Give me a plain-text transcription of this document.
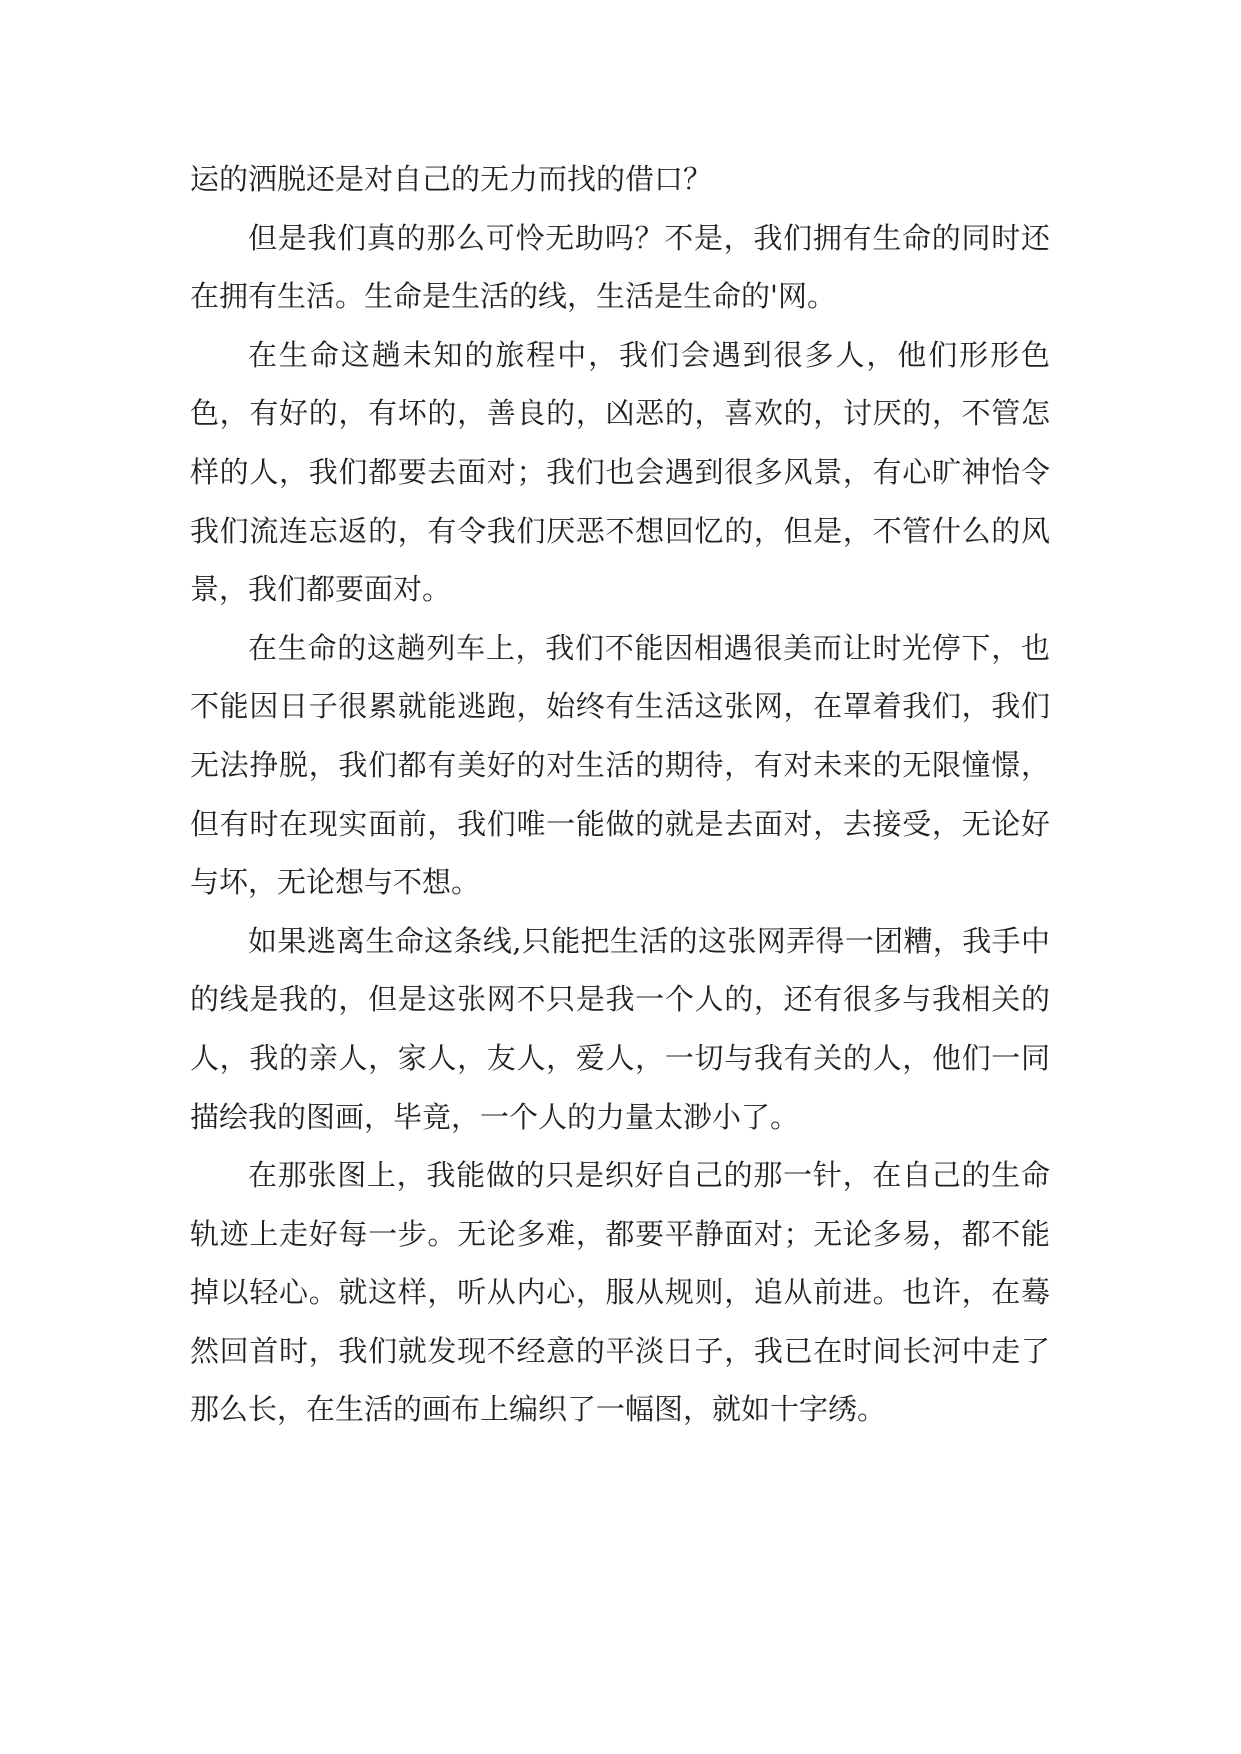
运的洒脱还是对自己的无力而找的借口？

但是我们真的那么可怜无助吗？不是，我们拥有生命的同时还在拥有生活。生命是生活的线，生活是生命的'网。

在生命这趟未知的旅程中，我们会遇到很多人，他们形形色色，有好的，有坏的，善良的，凶恶的，喜欢的，讨厌的，不管怎样的人，我们都要去面对；我们也会遇到很多风景，有心旷神怡令我们流连忘返的，有令我们厌恶不想回忆的，但是，不管什么的风景，我们都要面对。

在生命的这趟列车上，我们不能因相遇很美而让时光停下，也不能因日子很累就能逃跑，始终有生活这张网，在罩着我们，我们无法挣脱，我们都有美好的对生活的期待，有对未来的无限憧憬，但有时在现实面前，我们唯一能做的就是去面对，去接受，无论好与坏，无论想与不想。

如果逃离生命这条线,只能把生活的这张网弄得一团糟，我手中的线是我的，但是这张网不只是我一个人的，还有很多与我相关的人，我的亲人，家人，友人，爱人，一切与我有关的人，他们一同描绘我的图画，毕竟，一个人的力量太渺小了。

在那张图上，我能做的只是织好自己的那一针，在自己的生命轨迹上走好每一步。无论多难，都要平静面对；无论多易，都不能掉以轻心。就这样，听从内心，服从规则，追从前进。也许，在蓦然回首时，我们就发现不经意的平淡日子，我已在时间长河中走了那么长，在生活的画布上编织了一幅图，就如十字绣。
